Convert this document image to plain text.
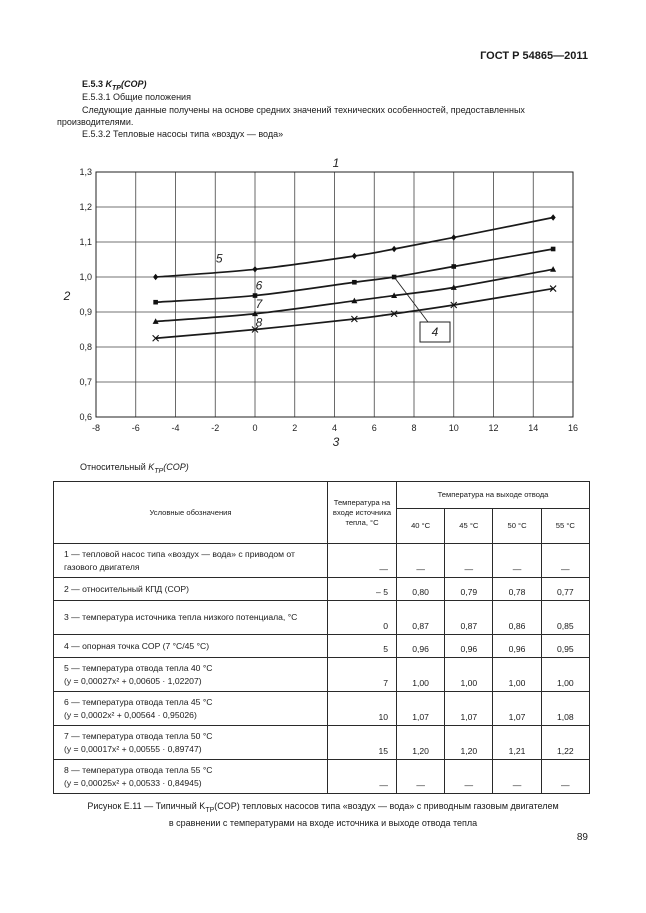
ГОСТ Р 54865—2011
E.5.3 $K_{ТР}(COP)$
Е.5.3.1 Общие положения
Следующие данные получены на основе средних значений технических особенностей, предоставленных производителями.
Е.5.3.2 Тепловые насосы типа «воздух — вода»
-8	-6	-4	-2	0	2	4	6	8	10	12	14	16
0,6
0,7
0,8
0,9
1,0
1,1
1,2
1,3
1
3
2
5
6
7
8
4
Относительный $K_{ТР}(COP)$
Условные обозначения	Температура на входе источника тепла, °С	Температура на выходе отвода			
		40 °С	45 °С	50 °С	55 °С

1 — тепловой насос типа «воздух — вода» с приводом от газового двигателя	—	—	—	—	—

2 — относительный КПД (COP)	– 5	0,80	0,79	0,78	0,77

3 — температура источника тепла низкого потенциала, °С	0	0,87	0,87	0,86	0,85

4 — опорная точка COP (7 °С/45 °С)	5	0,96	0,96	0,96	0,95

5 — температура отвода тепла 40 °С
(y = 0,00027x² + 0,00605 · 1,02207)	7	1,00	1,00	1,00	1,00

6 — температура отвода тепла 45 °С
(y = 0,0002x² + 0,00564 · 0,95026)	10	1,07	1,07	1,07	1,08

7 — температура отвода тепла 50 °С
(y = 0,00017x² + 0,00555 · 0,89747)	15	1,20	1,20	1,21	1,22

8 — температура отвода тепла 55 °С
(y = 0,00025x² + 0,00533 · 0,84945)	—	—	—	—	—
Рисунок Е.11 — Типичный $K_{ТР}(COP)$ тепловых насосов типа «воздух — вода» с приводным газовым двигателем
в сравнении с температурами на входе источника и выходе отвода тепла
89
